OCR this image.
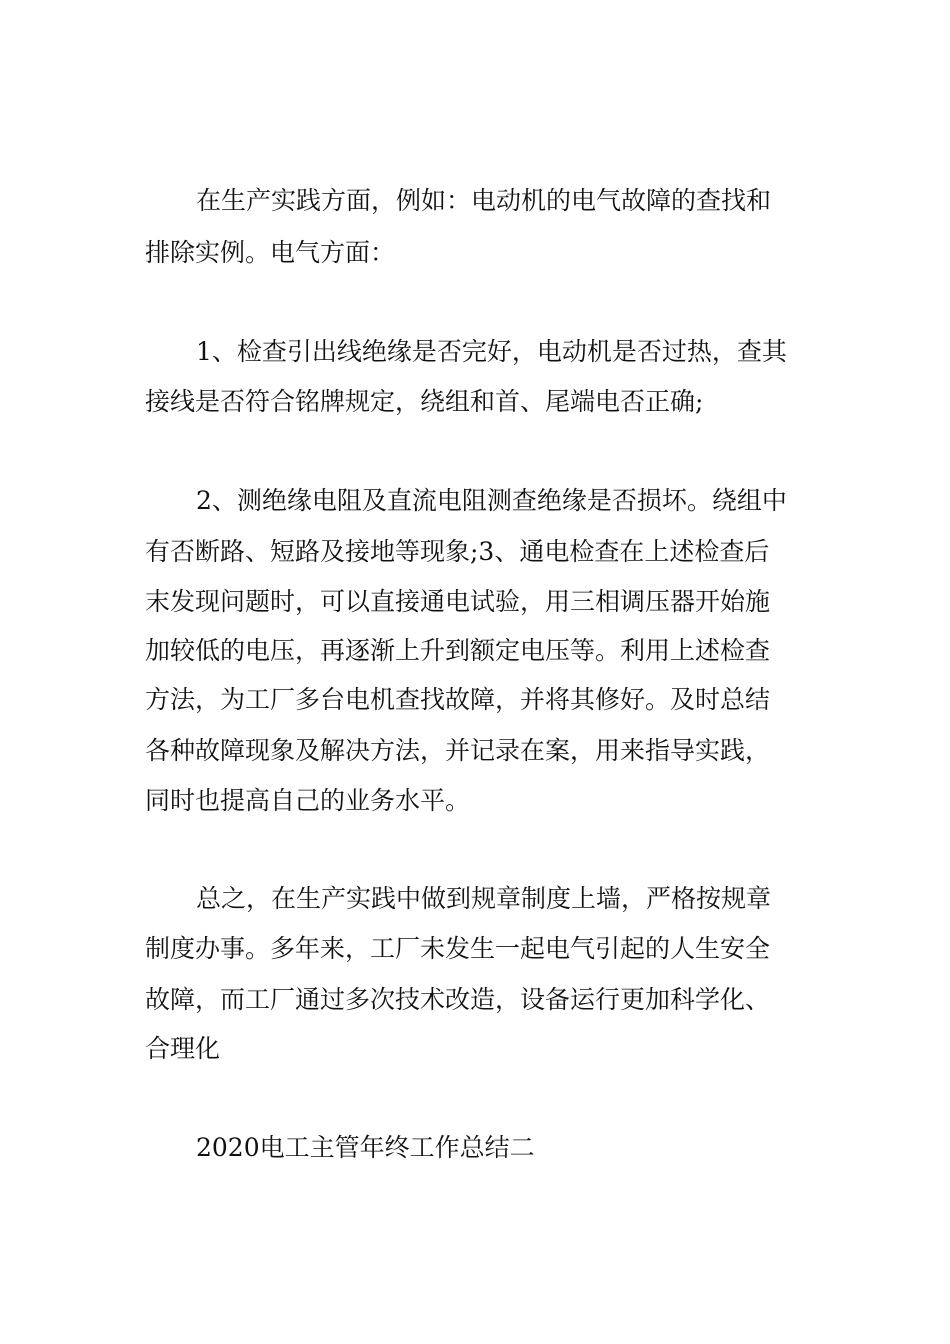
在生产实践方面，例如：电动机的电气故障的查找和
排除实例。电气方面：
1、检查引出线绝缘是否完好，电动机是否过热，查其
接线是否符合铭牌规定，绕组和首、尾端电否正确;
2、测绝缘电阻及直流电阻测查绝缘是否损坏。绕组中
有否断路、短路及接地等现象;3、通电检查在上述检查后
末发现问题时，可以直接通电试验，用三相调压器开始施
加较低的电压，再逐渐上升到额定电压等。利用上述检查
方法，为工厂多台电机查找故障，并将其修好。及时总结
各种故障现象及解决方法，并记录在案，用来指导实践，
同时也提高自己的业务水平。
总之，在生产实践中做到规章制度上墙，严格按规章
制度办事。多年来，工厂未发生一起电气引起的人生安全
故障，而工厂通过多次技术改造，设备运行更加科学化、
合理化
2020电工主管年终工作总结二
